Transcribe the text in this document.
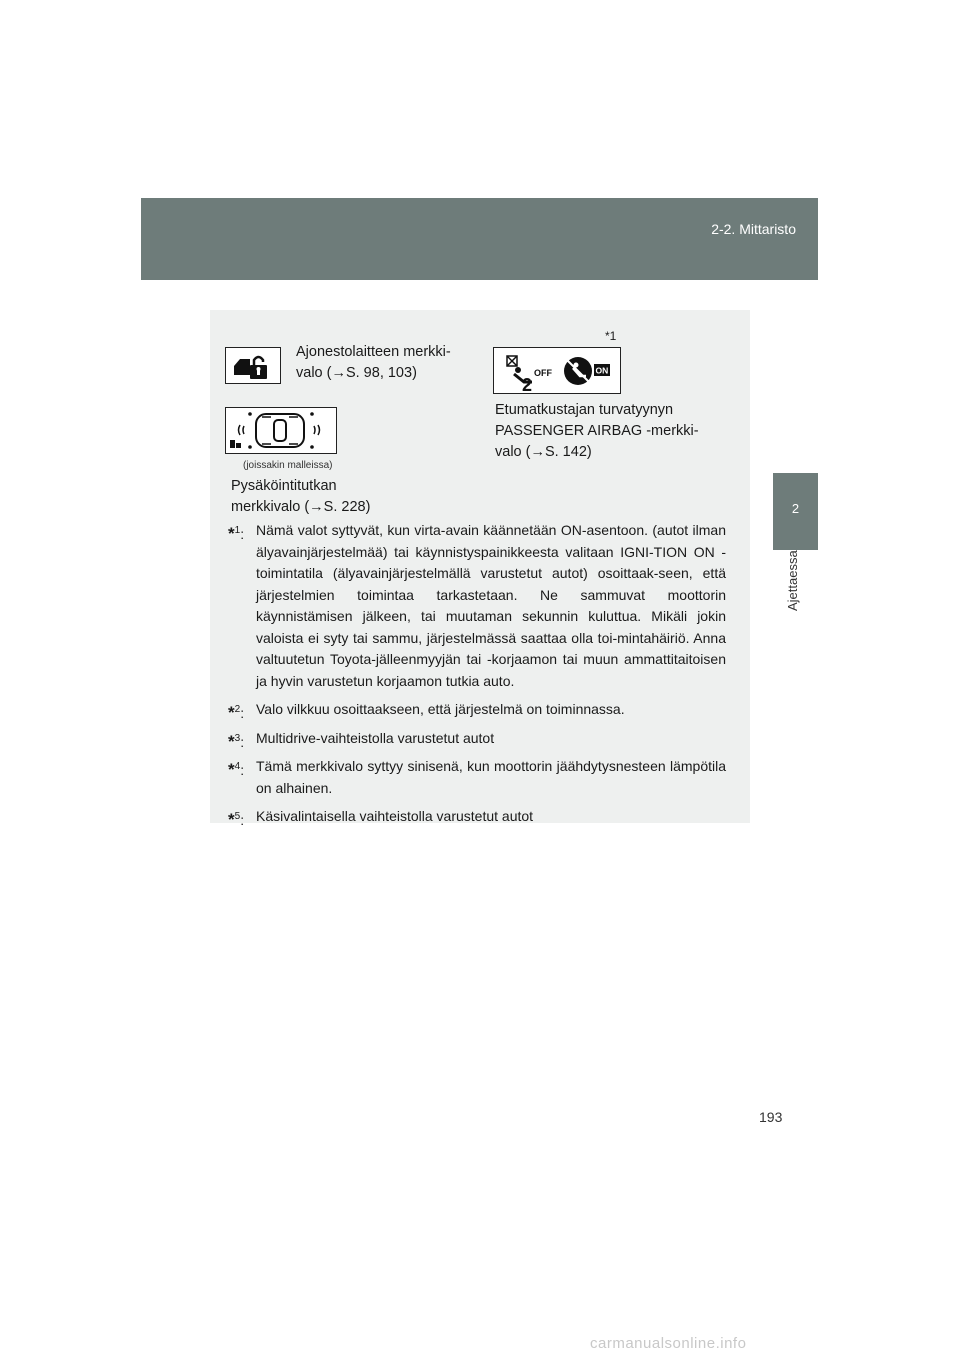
2-2. Mittaristo
2
Ajettaessa
Ajonestolaitteen merkki-
valo (→S. 98, 103)
(joissakin malleissa)
Pysäköintitutkan
merkkivalo (→S. 228)
*1
2
OFF	ON
Etumatkustajan turvatyynyn
PASSENGER AIRBAG -merkki-
valo (→S. 142)
*$^1$: Nämä valot syttyvät, kun virta-avain käännetään ON-asentoon. (autot ilman älyavainjärjestelmää) tai käynnistyspainikkeesta valitaan IGNI-TION ON -toimintatila (älyavainjärjestelmällä varustetut autot) osoittaak-seen, että järjestelmien toimintaa tarkastetaan. Ne sammuvat moottorin käynnistämisen jälkeen, tai muutaman sekunnin kuluttua. Mikäli jokin valoista ei syty tai sammu, järjestelmässä saattaa olla toi-mintahäiriö. Anna valtuutetun Toyota-jälleenmyyjän tai -korjaamon tai muun ammattitaitoisen ja hyvin varustetun korjaamon tutkia auto.
*$^2$: Valo vilkkuu osoittaakseen, että järjestelmä on toiminnassa.
*$^3$: Multidrive-vaihteistolla varustetut autot
*$^4$: Tämä merkkivalo syttyy sinisenä, kun moottorin jäähdytysnesteen lämpötila on alhainen.
*$^5$: Käsivalintaisella vaihteistolla varustetut autot
193
carmanualsonline.info
